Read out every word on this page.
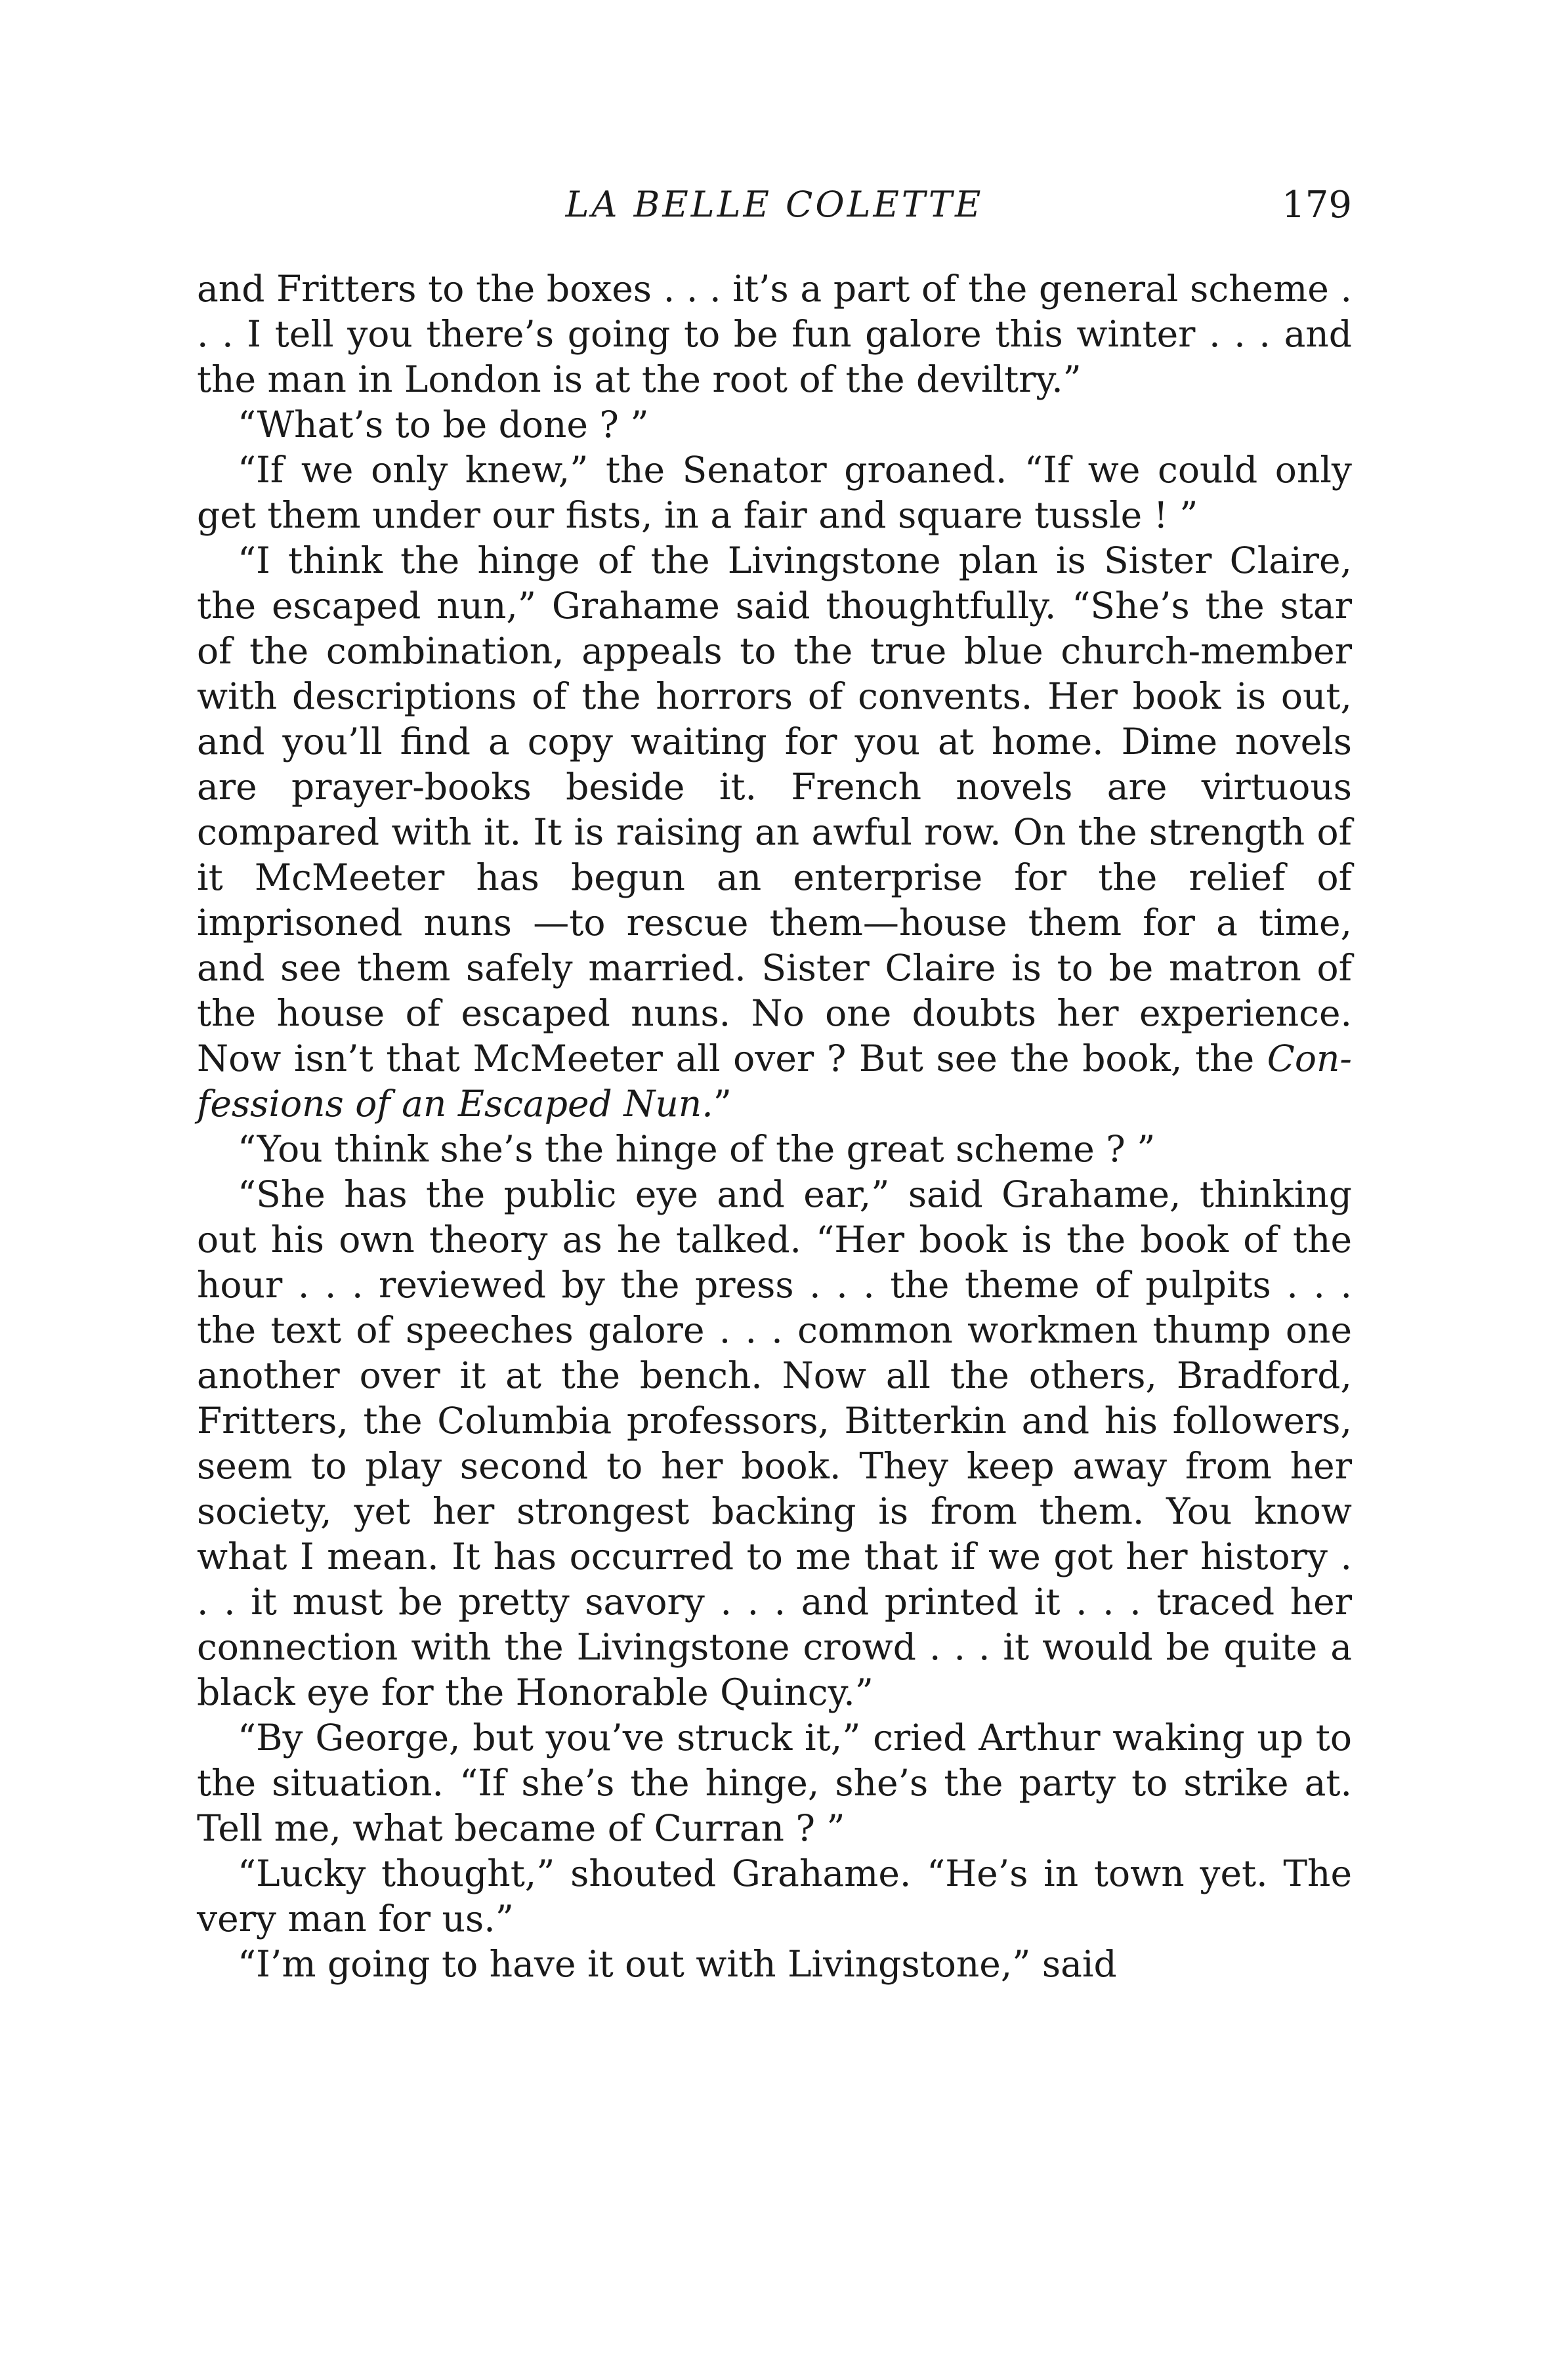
LA BELLE COLETTE	179

and Fritters to the boxes . . . it’s a part of the general scheme . . . I tell you there’s going to be fun galore this winter . . . and the man in London is at the root of the deviltry.”

“What’s to be done ? ”

“If we only knew,” the Senator groaned. “If we could only get them under our fists, in a fair and square tussle ! ”

“I think the hinge of the Livingstone plan is Sister Claire, the escaped nun,” Grahame said thoughtfully. “She’s the star of the combination, appeals to the true blue church-member with descriptions of the horrors of convents. Her book is out, and you’ll find a copy waiting for you at home. Dime novels are prayer-books beside it. French novels are virtuous compared with it. It is raising an awful row. On the strength of it McMeeter has begun an enterprise for the relief of imprisoned nuns —to rescue them—house them for a time, and see them safely married. Sister Claire is to be matron of the house of escaped nuns. No one doubts her experience. Now isn’t that McMeeter all over ? But see the book, the Confessions of an Escaped Nun.”

“You think she’s the hinge of the great scheme ? ”

“She has the public eye and ear,” said Grahame, thinking out his own theory as he talked. “Her book is the book of the hour . . . reviewed by the press . . . the theme of pulpits . . . the text of speeches galore . . . common workmen thump one another over it at the bench. Now all the others, Bradford, Fritters, the Columbia professors, Bitterkin and his followers, seem to play second to her book. They keep away from her society, yet her strongest backing is from them. You know what I mean. It has occurred to me that if we got her history . . . it must be pretty savory . . . and printed it . . . traced her connection with the Livingstone crowd . . . it would be quite a black eye for the Honorable Quincy.”

“By George, but you’ve struck it,” cried Arthur waking up to the situation. “If she’s the hinge, she’s the party to strike at. Tell me, what became of Curran ? ”

“Lucky thought,” shouted Grahame. “He’s in town yet. The very man for us.”

“I’m going to have it out with Livingstone,” said
